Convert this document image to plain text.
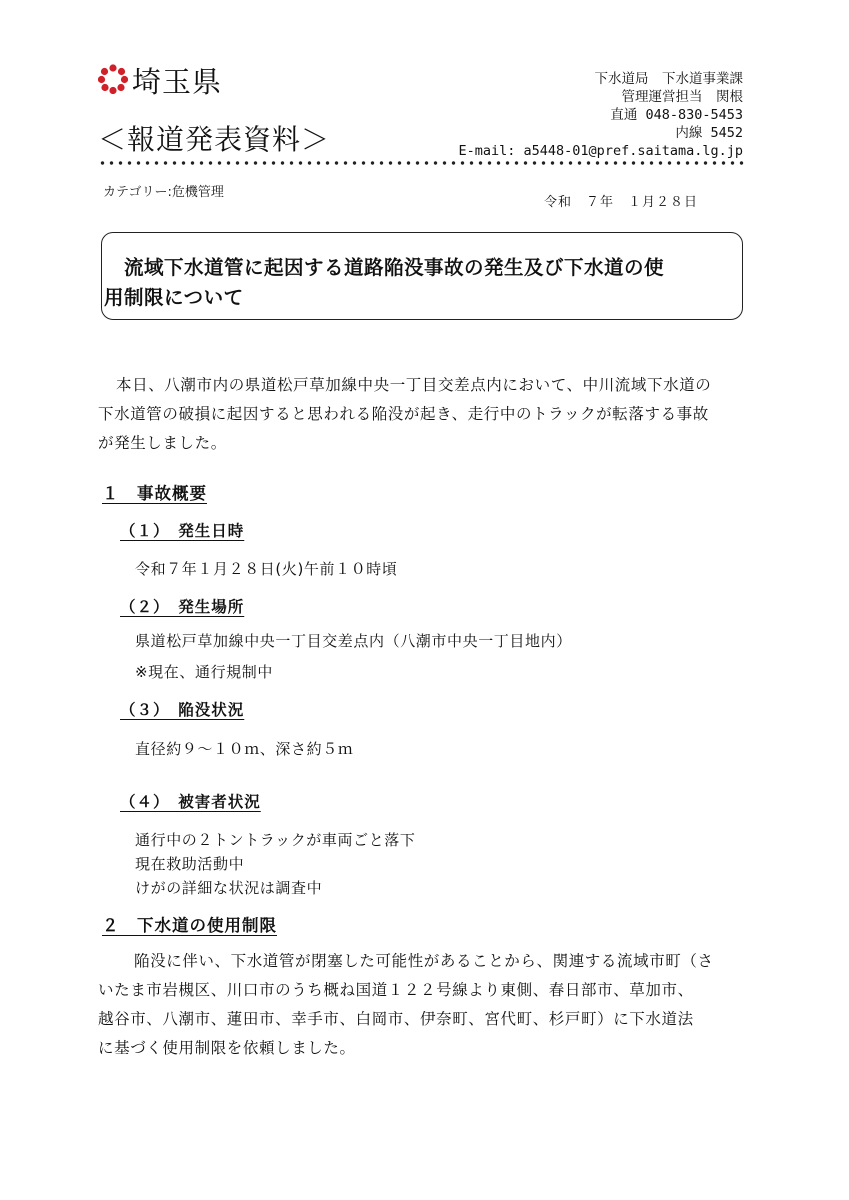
埼玉県
＜報道発表資料＞
下水道局　下水道事業課
管理運営担当　関根
直通 048-830-5453
内線 5452
E-mail: a5448-01@pref.saitama.lg.jp
カテゴリー:危機管理
令和　７年　１月２８日
流域下水道管に起因する道路陥没事故の発生及び下水道の使
用制限について
本日、八潮市内の県道松戸草加線中央一丁目交差点内において、中川流域下水道の
下水道管の破損に起因すると思われる陥没が起き、走行中のトラックが転落する事故
が発生しました。
１　事故概要
（１）　発生日時
令和７年１月２８日(火)午前１０時頃
（２）　発生場所
県道松戸草加線中央一丁目交差点内（八潮市中央一丁目地内）
※現在、通行規制中
（３）　陥没状況
直径約９～１０ｍ、深さ約５ｍ
（４）　被害者状況
通行中の２トントラックが車両ごと落下
現在救助活動中
けがの詳細な状況は調査中
２　下水道の使用制限
陥没に伴い、下水道管が閉塞した可能性があることから、関連する流域市町（さ
いたま市岩槻区、川口市のうち概ね国道１２２号線より東側、春日部市、草加市、
越谷市、八潮市、蓮田市、幸手市、白岡市、伊奈町、宮代町、杉戸町）に下水道法
に基づく使用制限を依頼しました。
